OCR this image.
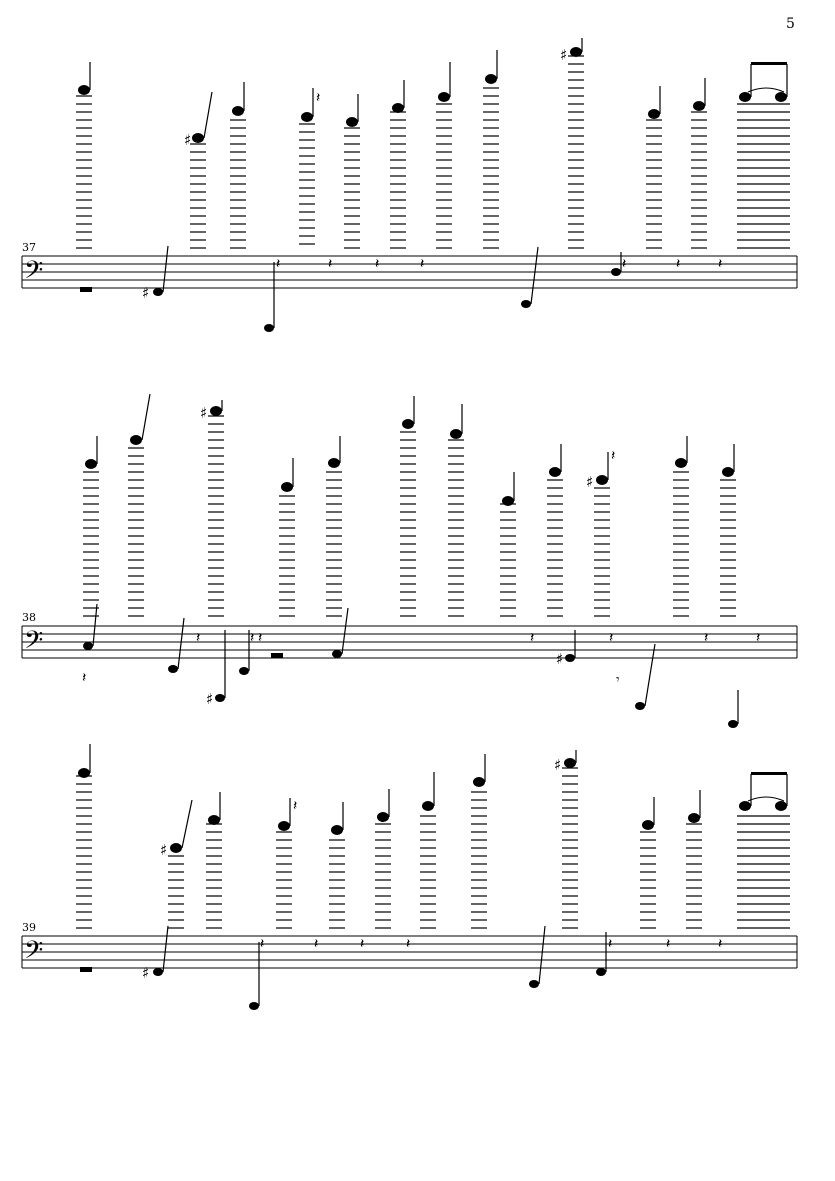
5
37
𝄢
♯
𝄽	𝄽	𝄽	𝄽	𝄽	𝄽	𝄽
♯
𝄽
♯
38
𝄢
♯
♯
𝄽
𝄽	𝄽 𝄽	𝄽	𝄽	𝄽	𝄽
𝄾
♯
♯
𝄽
39
𝄢
♯
𝄽	𝄽	𝄽	𝄽	𝄽	𝄽	𝄽
♯
𝄽
♯
